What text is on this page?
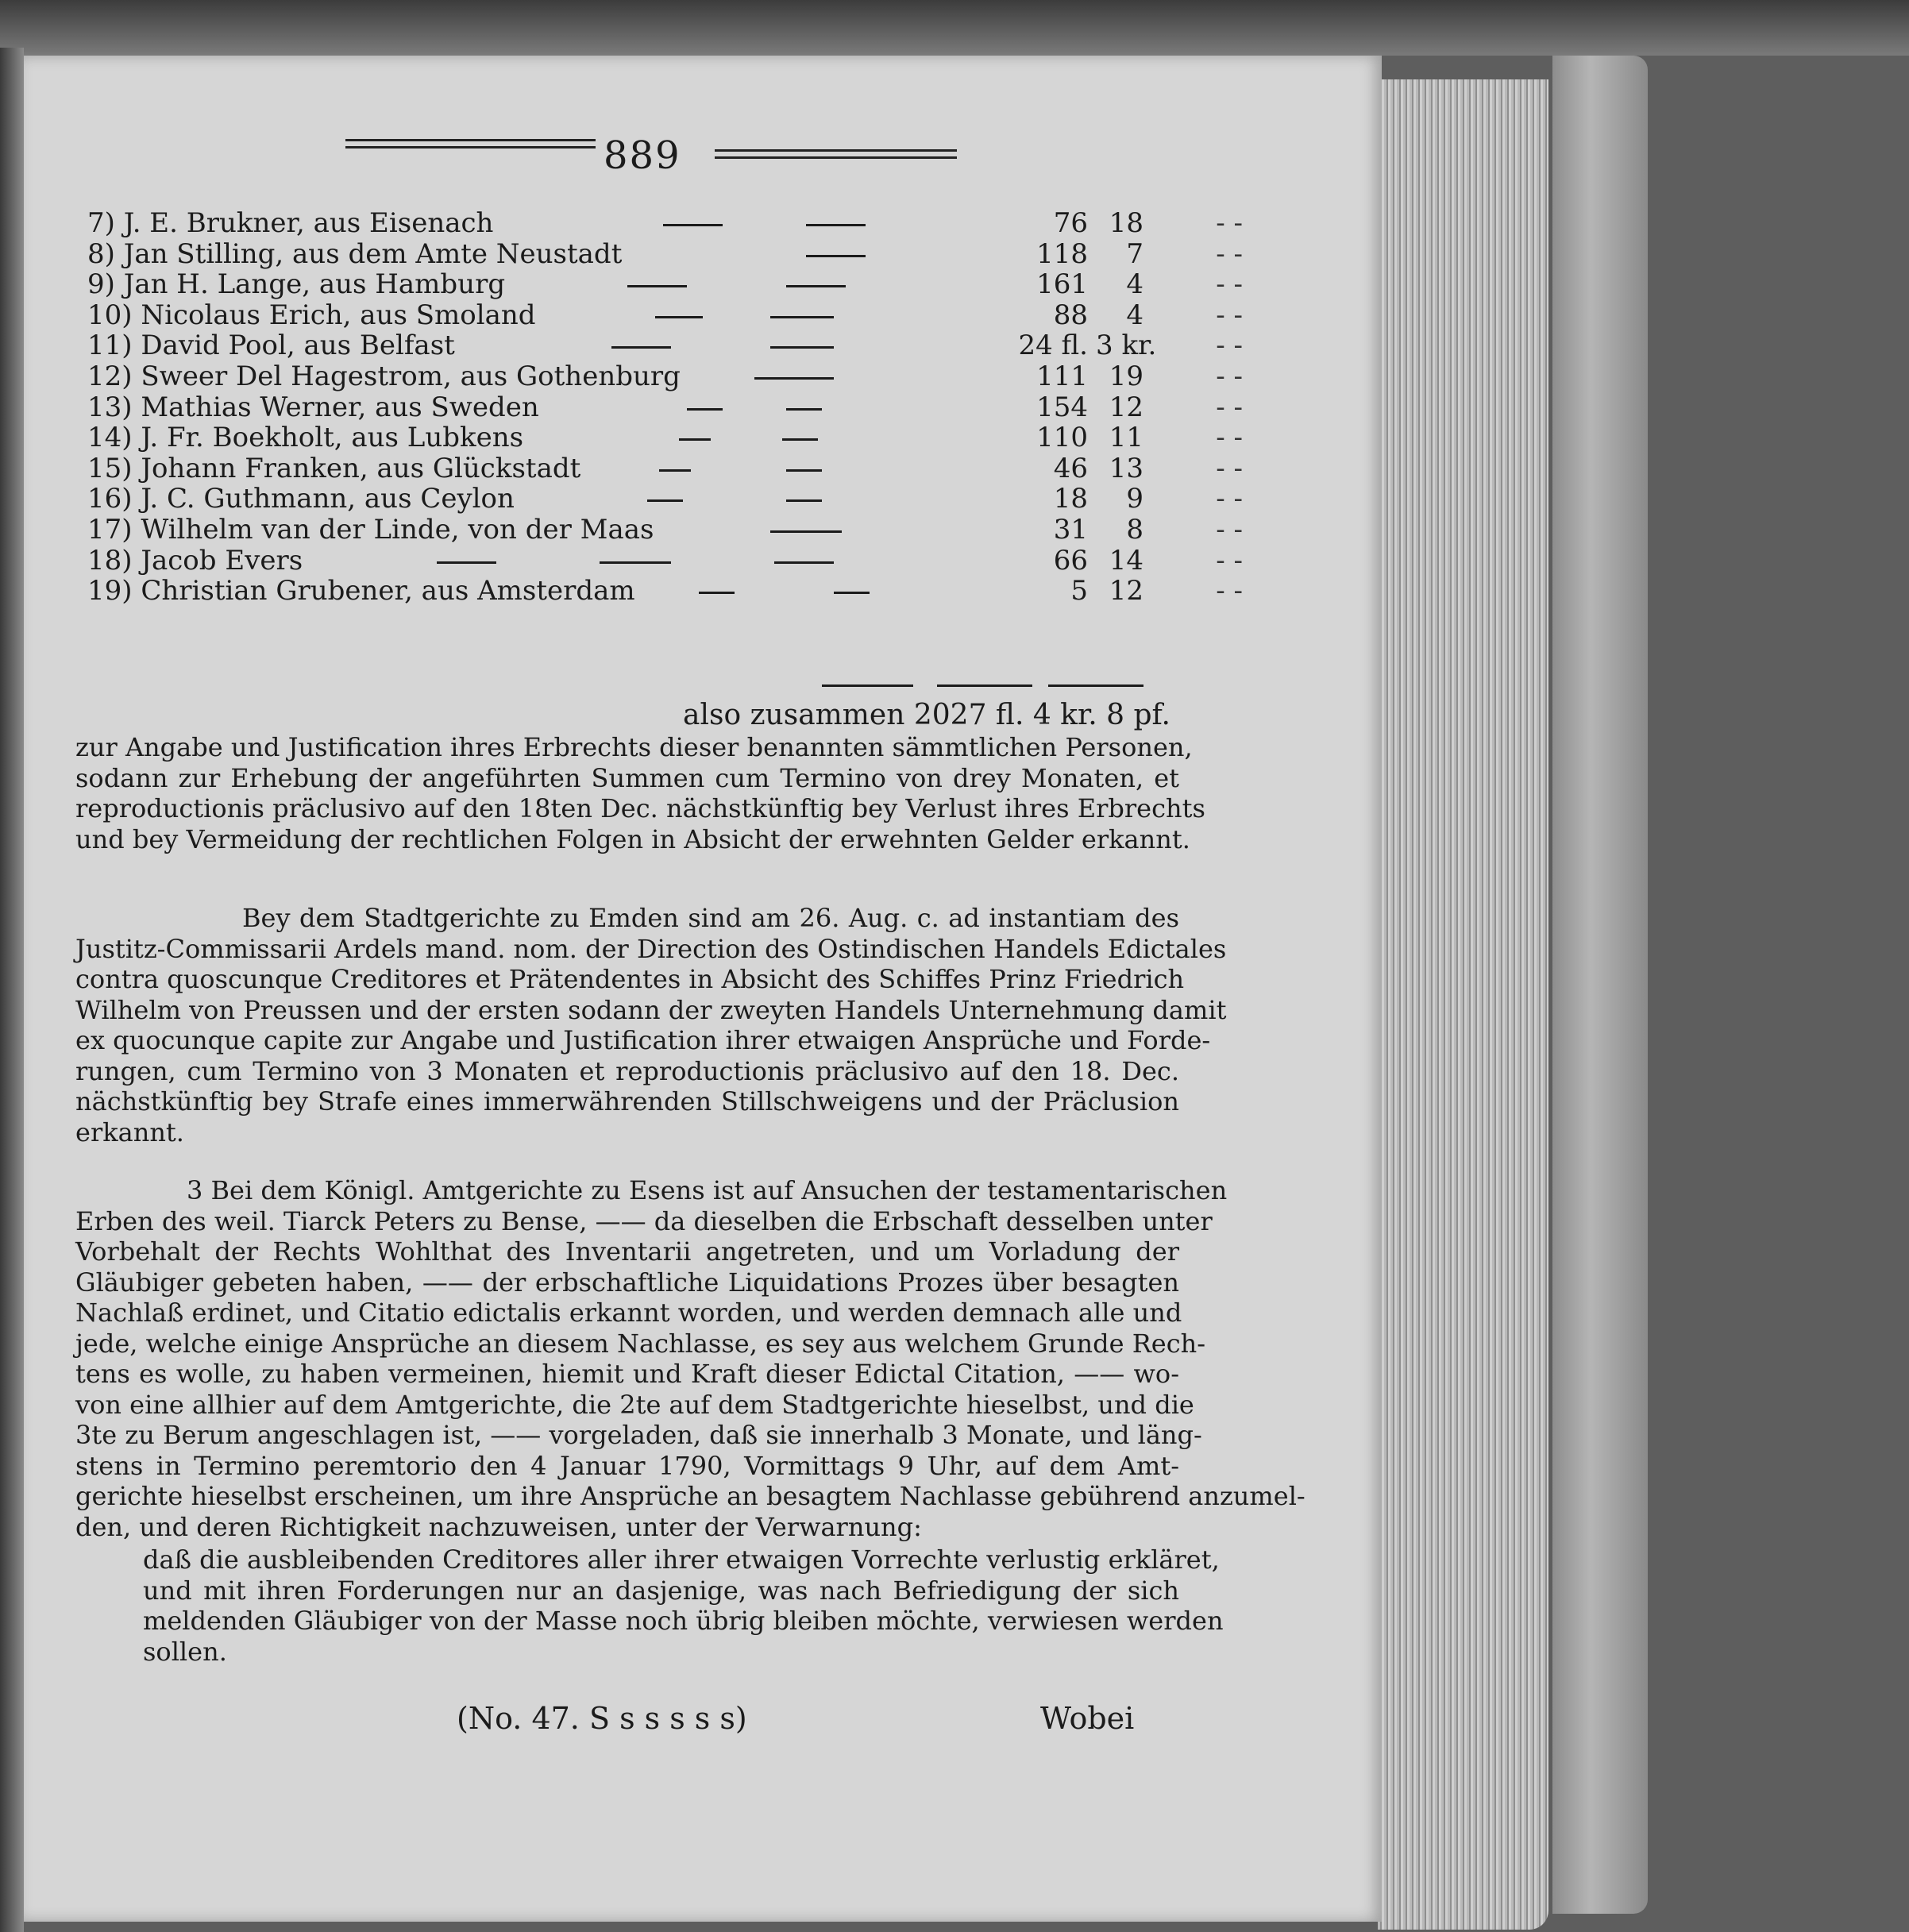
889
7) J. E. Brukner, aus Eisenach	76 18	- -
8) Jan Stilling, aus dem Amte Neustadt	118	7	- -
9) Jan H. Lange, aus Hamburg	161	4	- -
10) Nicolaus Erich, aus Smoland	88	4	- -
11) David Pool, aus Belfast	24 fl. 3 kr.	- -
12) Sweer Del Hagestrom, aus Gothenburg	111 19	- -
13) Mathias Werner, aus Sweden	154 12	- -
14) J. Fr. Boekholt, aus Lubkens	110 11	- -
15) Johann Franken, aus Glückstadt	46 13	- -
16) J. C. Guthmann, aus Ceylon	18	9	- -
17) Wilhelm van der Linde, von der Maas	31	8	- -
18) Jacob Evers	66 14	- -
19) Christian Grubener, aus Amsterdam	5 12	- -
also zusammen 2027 fl. 4 kr. 8 pf.
zur Angabe und Justification ihres Erbrechts dieser benannten sämmtlichen Personen,
sodann zur Erhebung der angeführten Summen cum Termino von drey Monaten, et
reproductionis präclusivo auf den 18ten Dec. nächstkünftig bey Verlust ihres Erbrechts
und bey Vermeidung der rechtlichen Folgen in Absicht der erwehnten Gelder erkannt.
Bey dem Stadtgerichte zu Emden sind am 26. Aug. c. ad instantiam des
Justitz-Commissarii Ardels mand. nom. der Direction des Ostindischen Handels Edictales
contra quoscunque Creditores et Prätendentes in Absicht des Schiffes Prinz Friedrich
Wilhelm von Preussen und der ersten sodann der zweyten Handels Unternehmung damit
ex quocunque capite zur Angabe und Justification ihrer etwaigen Ansprüche und Forde-
rungen, cum Termino von 3 Monaten et reproductionis präclusivo auf den 18. Dec.
nächstkünftig bey Strafe eines immerwährenden Stillschweigens und der Präclusion
erkannt.
3 Bei dem Königl. Amtgerichte zu Esens ist auf Ansuchen der testamentarischen
Erben des weil. Tiarck Peters zu Bense, —— da dieselben die Erbschaft desselben unter
Vorbehalt der Rechts Wohlthat des Inventarii angetreten, und um Vorladung der
Gläubiger gebeten haben, —— der erbschaftliche Liquidations Prozes über besagten
Nachlaß erdinet, und Citatio edictalis erkannt worden, und werden demnach alle und
jede, welche einige Ansprüche an diesem Nachlasse, es sey aus welchem Grunde Rech-
tens es wolle, zu haben vermeinen, hiemit und Kraft dieser Edictal Citation, —— wo-
von eine allhier auf dem Amtgerichte, die 2te auf dem Stadtgerichte hieselbst, und die
3te zu Berum angeschlagen ist, —— vorgeladen, daß sie innerhalb 3 Monate, und läng-
stens in Termino peremtorio den 4 Januar 1790, Vormittags 9 Uhr, auf dem Amt-
gerichte hieselbst erscheinen, um ihre Ansprüche an besagtem Nachlasse gebührend anzumel-
den, und deren Richtigkeit nachzuweisen, unter der Verwarnung:
daß die ausbleibenden Creditores aller ihrer etwaigen Vorrechte verlustig erkläret,
und mit ihren Forderungen nur an dasjenige, was nach Befriedigung der sich
meldenden Gläubiger von der Masse noch übrig bleiben möchte, verwiesen werden
sollen.
(No. 47. S s s s s s)	Wobei
